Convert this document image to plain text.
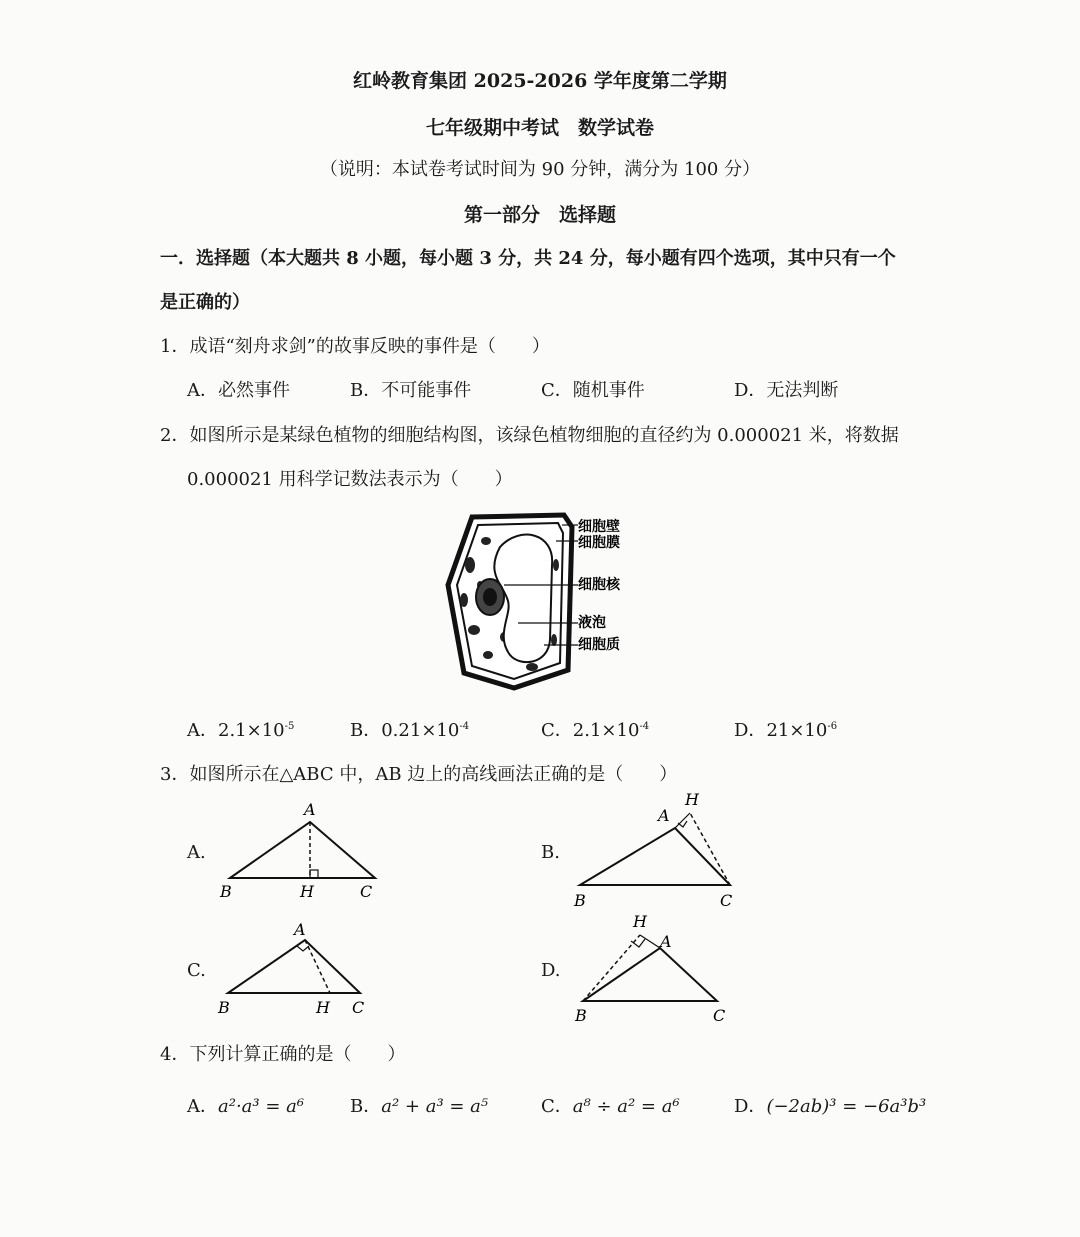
红岭教育集团 2025-2026 学年度第二学期
七年级期中考试　数学试卷
（说明：本试卷考试时间为 90 分钟，满分为 100 分）
第一部分　选择题
一．选择题（本大题共 8 小题，每小题 3 分，共 24 分，每小题有四个选项，其中只有一个
是正确的）
1．成语“刻舟求剑”的故事反映的事件是（　　）
A．必然事件	B．不可能事件	C．随机事件	D．无法判断
2．如图所示是某绿色植物的细胞结构图，该绿色植物细胞的直径约为 0.000021 米，将数据
0.000021 用科学记数法表示为（　　）
细胞壁
细胞膜
细胞核
液泡
细胞质
A．$2.1\times 10^{-5}$	B．$0.21\times 10^{-4}$	C．$2.1\times 10^{-4}$	D．$21\times 10^{-6}$
3．如图所示在△ABC 中，AB 边上的高线画法正确的是（　　）
A.	B.
C.	D.
A
B	H	C
A
H
B	C
A
B	H C
H
A
B	C
4．下列计算正确的是（　　）
A．a²·a³ = a⁶	B．a² + a³ = a⁵	C．a⁸ ÷ a² = a⁶	D．(−2ab)³ = −6a³b³
